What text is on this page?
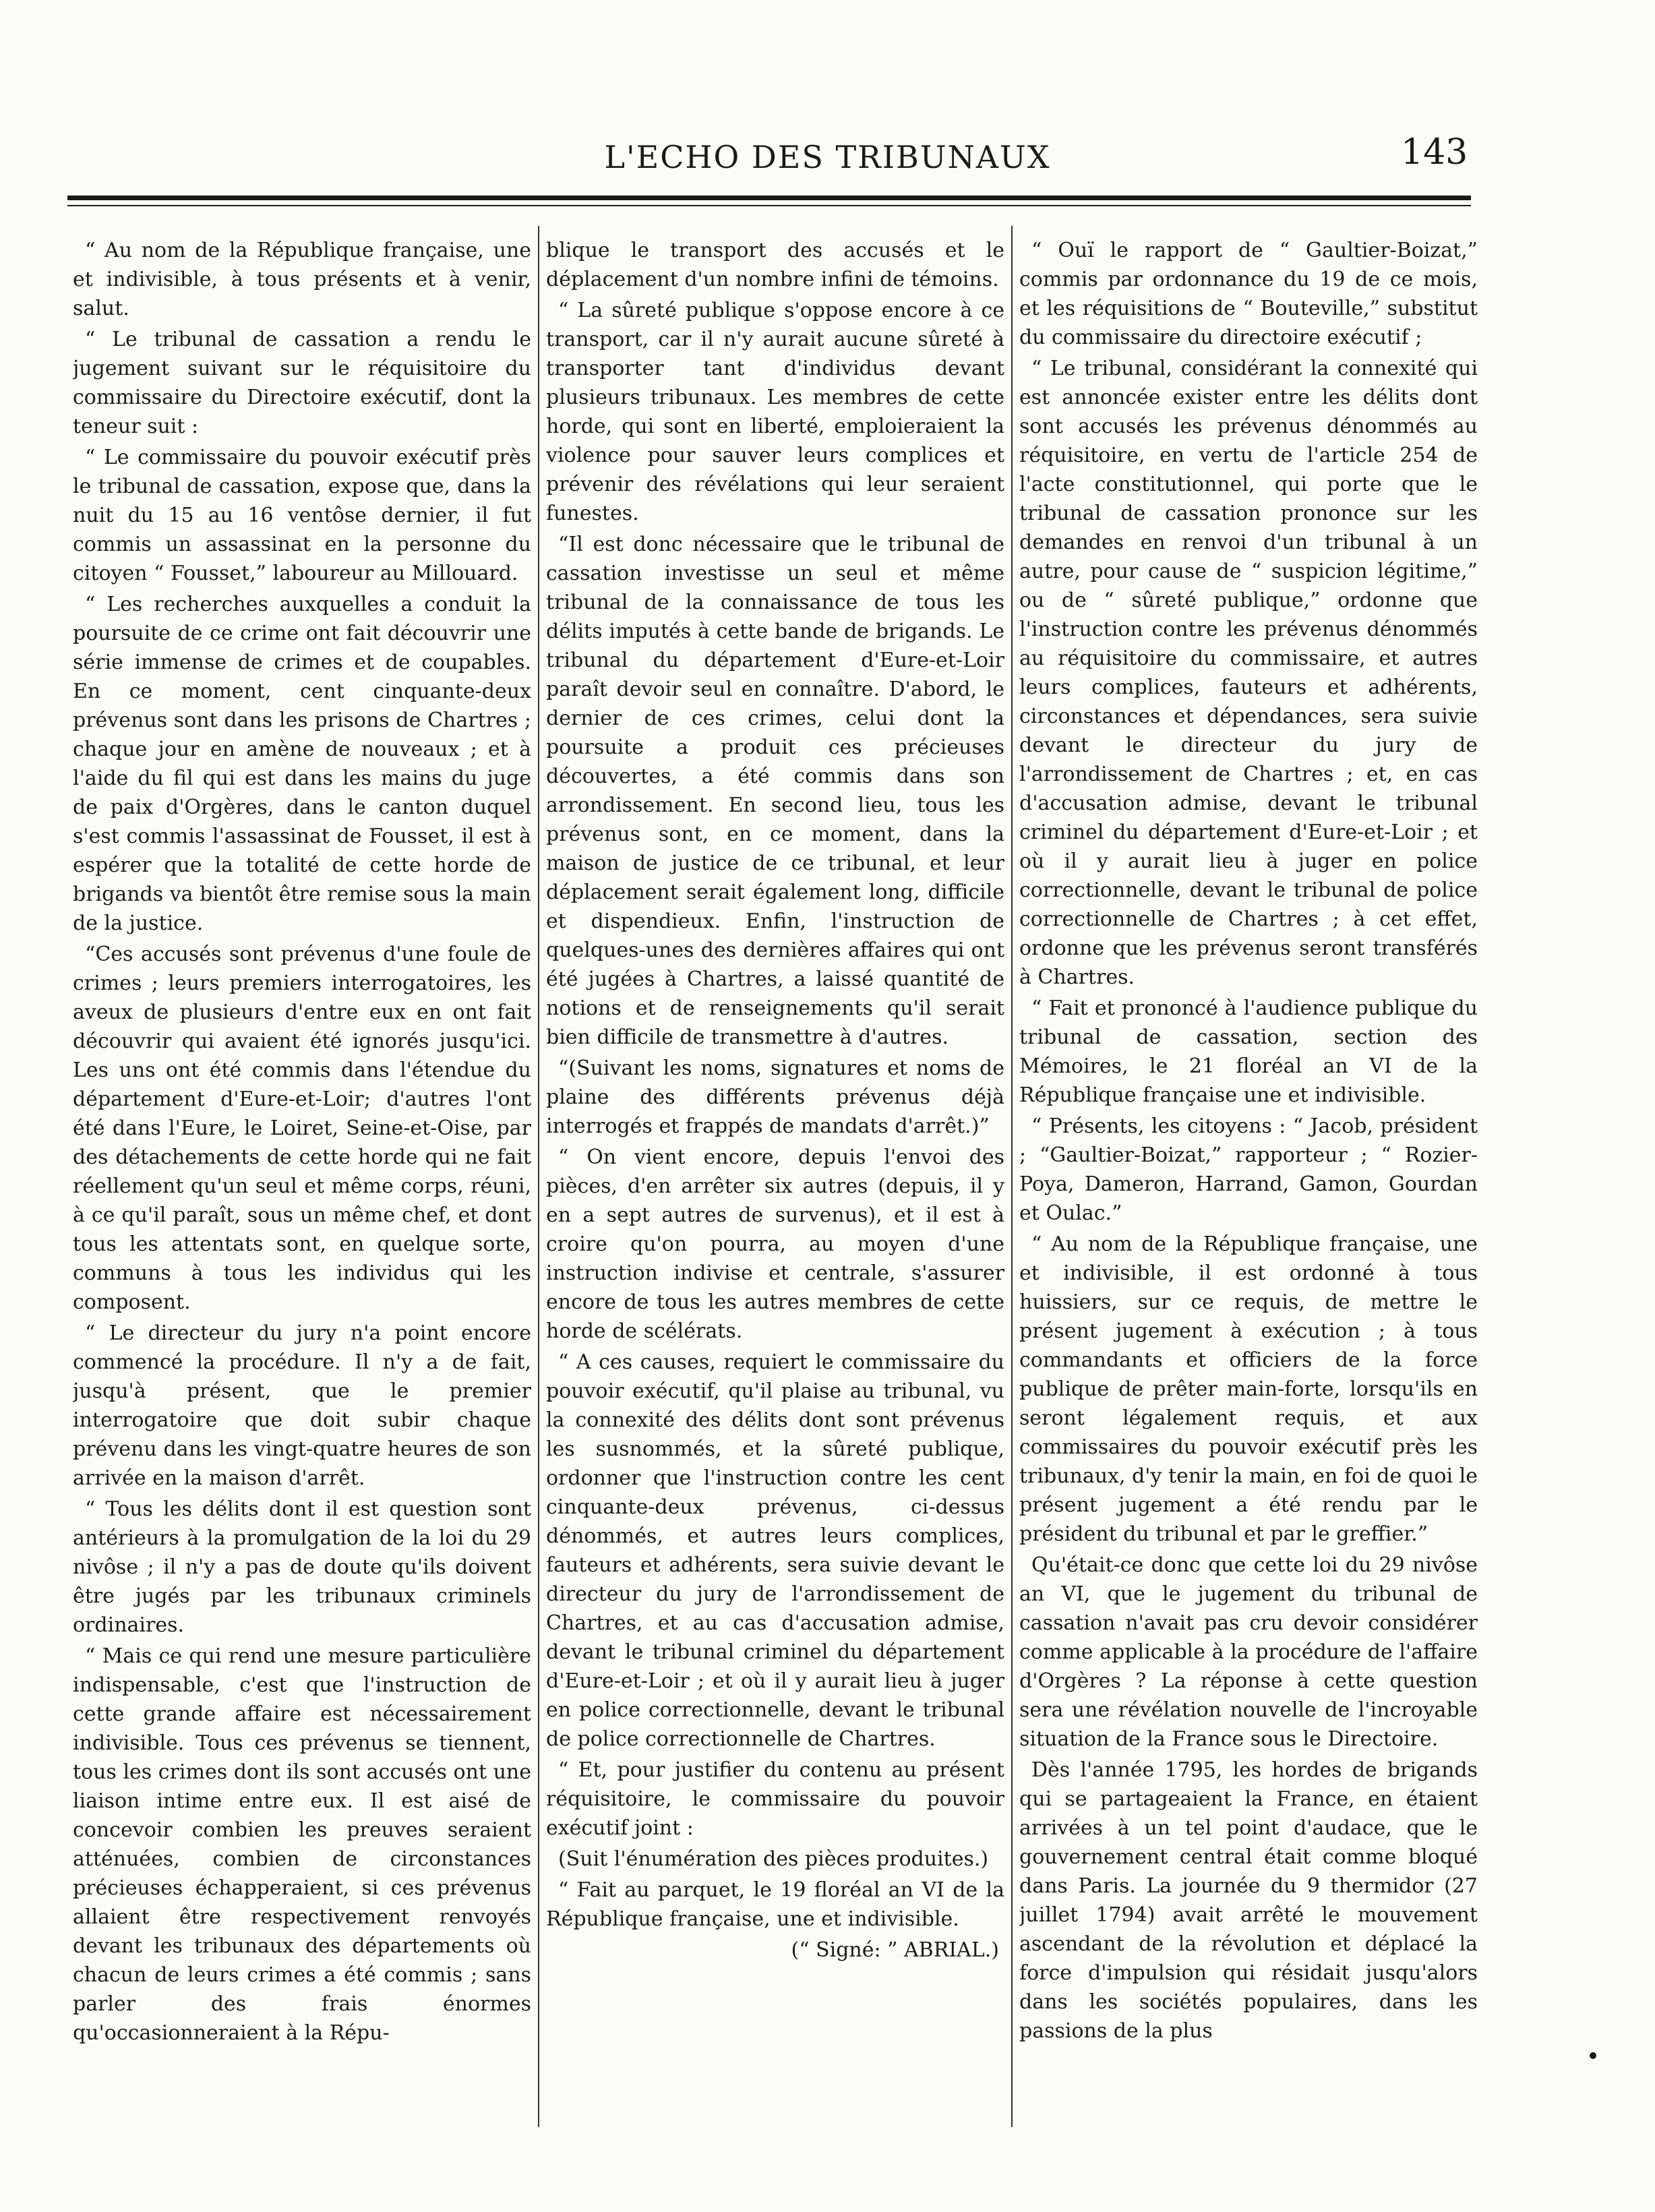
L'ECHO DES TRIBUNAUX	143

“ Au nom de la République française, une et indivisible, à tous présents et à venir, salut.

“ Le tribunal de cassation a rendu le jugement suivant sur le réquisitoire du commissaire du Directoire exécutif, dont la teneur suit :

“ Le commissaire du pouvoir exécutif près le tribunal de cassation, expose que, dans la nuit du 15 au 16 ventôse dernier, il fut commis un assassinat en la personne du citoyen “ Fousset,” laboureur au Millouard.

“ Les recherches auxquelles a conduit la poursuite de ce crime ont fait découvrir une série immense de crimes et de coupables. En ce moment, cent cinquante-deux prévenus sont dans les prisons de Chartres ; chaque jour en amène de nouveaux ; et à l'aide du fil qui est dans les mains du juge de paix d'Orgères, dans le canton duquel s'est commis l'assassinat de Fousset, il est à espérer que la totalité de cette horde de brigands va bientôt être remise sous la main de la justice.

“Ces accusés sont prévenus d'une foule de crimes ; leurs premiers interrogatoires, les aveux de plusieurs d'entre eux en ont fait découvrir qui avaient été ignorés jusqu'ici. Les uns ont été commis dans l'étendue du département d'Eure-et-Loir; d'autres l'ont été dans l'Eure, le Loiret, Seine-et-Oise, par des détachements de cette horde qui ne fait réellement qu'un seul et même corps, réuni, à ce qu'il paraît, sous un même chef, et dont tous les attentats sont, en quelque sorte, communs à tous les individus qui les composent.

“ Le directeur du jury n'a point encore commencé la procédure. Il n'y a de fait, jusqu'à présent, que le premier interrogatoire que doit subir chaque prévenu dans les vingt-quatre heures de son arrivée en la maison d'arrêt.

“ Tous les délits dont il est question sont antérieurs à la promulgation de la loi du 29 nivôse ; il n'y a pas de doute qu'ils doivent être jugés par les tribunaux criminels ordinaires.

“ Mais ce qui rend une mesure particulière indispensable, c'est que l'instruction de cette grande affaire est nécessairement indivisible. Tous ces prévenus se tiennent, tous les crimes dont ils sont accusés ont une liaison intime entre eux. Il est aisé de concevoir combien les preuves seraient atténuées, combien de circonstances précieuses échapperaient, si ces prévenus allaient être respectivement renvoyés devant les tribunaux des départements où chacun de leurs crimes a été commis ; sans parler des frais énormes qu'occasionneraient à la Répu-

blique le transport des accusés et le déplacement d'un nombre infini de témoins.

“ La sûreté publique s'oppose encore à ce transport, car il n'y aurait aucune sûreté à transporter tant d'individus devant plusieurs tribunaux. Les membres de cette horde, qui sont en liberté, emploieraient la violence pour sauver leurs complices et prévenir des révélations qui leur seraient funestes.

“Il est donc nécessaire que le tribunal de cassation investisse un seul et même tribunal de la connaissance de tous les délits imputés à cette bande de brigands. Le tribunal du département d'Eure-et-Loir paraît devoir seul en connaître. D'abord, le dernier de ces crimes, celui dont la poursuite a produit ces précieuses découvertes, a été commis dans son arrondissement. En second lieu, tous les prévenus sont, en ce moment, dans la maison de justice de ce tribunal, et leur déplacement serait également long, difficile et dispendieux. Enfin, l'instruction de quelques-unes des dernières affaires qui ont été jugées à Chartres, a laissé quantité de notions et de renseignements qu'il serait bien difficile de transmettre à d'autres.

“(Suivant les noms, signatures et noms de plaine des différents prévenus déjà interrogés et frappés de mandats d'arrêt.)”

“ On vient encore, depuis l'envoi des pièces, d'en arrêter six autres (depuis, il y en a sept autres de survenus), et il est à croire qu'on pourra, au moyen d'une instruction indivise et centrale, s'assurer encore de tous les autres membres de cette horde de scélérats.

“ A ces causes, requiert le commissaire du pouvoir exécutif, qu'il plaise au tribunal, vu la connexité des délits dont sont prévenus les susnommés, et la sûreté publique, ordonner que l'instruction contre les cent cinquante-deux prévenus, ci-dessus dénommés, et autres leurs complices, fauteurs et adhérents, sera suivie devant le directeur du jury de l'arrondissement de Chartres, et au cas d'accusation admise, devant le tribunal criminel du département d'Eure-et-Loir ; et où il y aurait lieu à juger en police correctionnelle, devant le tribunal de police correctionnelle de Chartres.

“ Et, pour justifier du contenu au présent réquisitoire, le commissaire du pouvoir exécutif joint :

(Suit l'énumération des pièces produites.)

“ Fait au parquet, le 19 floréal an VI de la République française, une et indivisible.

(“ Signé: ” ABRIAL.)

“ Ouï le rapport de “ Gaultier-Boizat,” commis par ordonnance du 19 de ce mois, et les réquisitions de “ Bouteville,” substitut du commissaire du directoire exécutif ;

“ Le tribunal, considérant la connexité qui est annoncée exister entre les délits dont sont accusés les prévenus dénommés au réquisitoire, en vertu de l'article 254 de l'acte constitutionnel, qui porte que le tribunal de cassation prononce sur les demandes en renvoi d'un tribunal à un autre, pour cause de “ suspicion légitime,” ou de “ sûreté publique,” ordonne que l'instruction contre les prévenus dénommés au réquisitoire du commissaire, et autres leurs complices, fauteurs et adhérents, circonstances et dépendances, sera suivie devant le directeur du jury de l'arrondissement de Chartres ; et, en cas d'accusation admise, devant le tribunal criminel du département d'Eure-et-Loir ; et où il y aurait lieu à juger en police correctionnelle, devant le tribunal de police correctionnelle de Chartres ; à cet effet, ordonne que les prévenus seront transférés à Chartres.

“ Fait et prononcé à l'audience publique du tribunal de cassation, section des Mémoires, le 21 floréal an VI de la République française une et indivisible.

“ Présents, les citoyens : “ Jacob, président ; “Gaultier-Boizat,” rapporteur ; “ Rozier-Poya, Dameron, Harrand, Gamon, Gourdan et Oulac.”

“ Au nom de la République française, une et indivisible, il est ordonné à tous huissiers, sur ce requis, de mettre le présent jugement à exécution ; à tous commandants et officiers de la force publique de prêter main-forte, lorsqu'ils en seront légalement requis, et aux commissaires du pouvoir exécutif près les tribunaux, d'y tenir la main, en foi de quoi le présent jugement a été rendu par le président du tribunal et par le greffier.”

Qu'était-ce donc que cette loi du 29 nivôse an VI, que le jugement du tribunal de cassation n'avait pas cru devoir considérer comme applicable à la procédure de l'affaire d'Orgères ? La réponse à cette question sera une révélation nouvelle de l'incroyable situation de la France sous le Directoire.

Dès l'année 1795, les hordes de brigands qui se partageaient la France, en étaient arrivées à un tel point d'audace, que le gouvernement central était comme bloqué dans Paris. La journée du 9 thermidor (27 juillet 1794) avait arrêté le mouvement ascendant de la révolution et déplacé la force d'impulsion qui résidait jusqu'alors dans les sociétés populaires, dans les passions de la plus
